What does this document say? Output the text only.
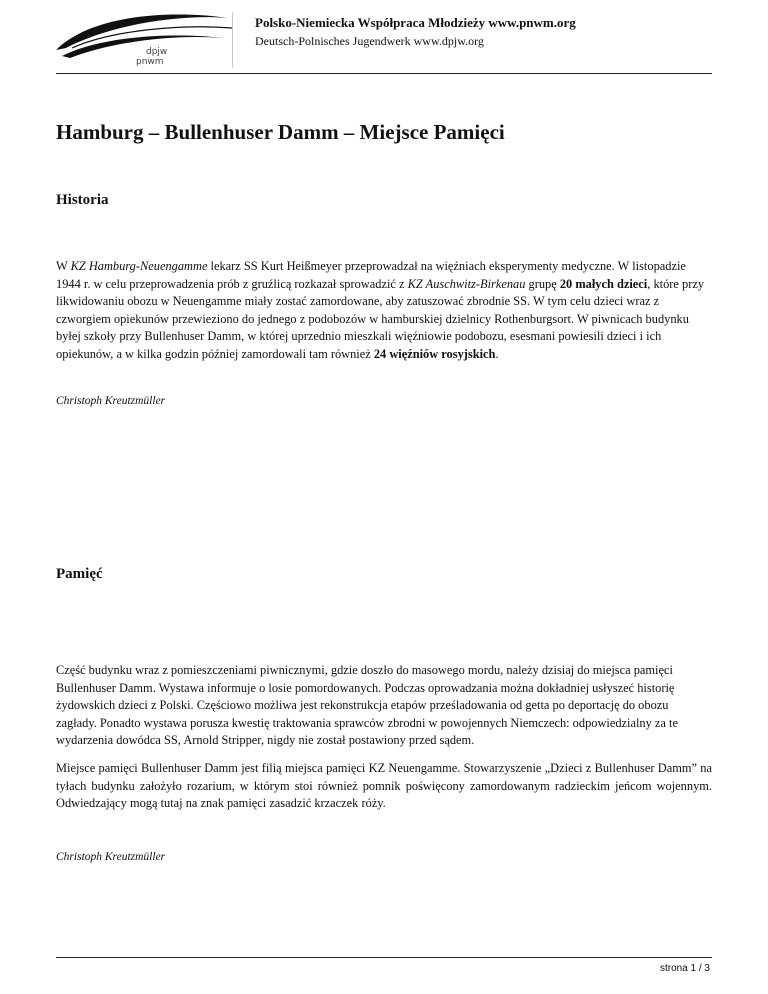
dpjw
pnwm
Polsko-Niemiecka Współpraca Młodzieży www.pnwm.org
Deutsch-Polnisches Jugendwerk www.dpjw.org
Hamburg – Bullenhuser Damm – Miejsce Pamięci
Historia

W KZ Hamburg-Neuengamme lekarz SS Kurt Heißmeyer przeprowadzał na więźniach eksperymenty medyczne. W listopadzie 1944 r. w celu przeprowadzenia prób z gruźlicą rozkazał sprowadzić z KZ Auschwitz-Birkenau grupę 20 małych dzieci, które przy likwidowaniu obozu w Neuengamme miały zostać zamordowane, aby zatuszować zbrodnie SS. W tym celu dzieci wraz z czworgiem opiekunów przewieziono do jednego z podobozów w hamburskiej dzielnicy Rothenburgsort. W piwnicach budynku byłej szkoły przy Bullenhuser Damm, w której uprzednio mieszkali więźniowie podobozu, esesmani powiesili dzieci i ich opiekunów, a w kilka godzin później zamordowali tam również 24 więźniów rosyjskich.

Christoph Kreutzmüller

Pamięć

Część budynku wraz z pomieszczeniami piwnicznymi, gdzie doszło do masowego mordu, należy dzisiaj do miejsca pamięci Bullenhuser Damm. Wystawa informuje o losie pomordowanych. Podczas oprowadzania można dokładniej usłyszeć historię żydowskich dzieci z Polski. Częściowo możliwa jest rekonstrukcja etapów prześladowania od getta po deportację do obozu zagłady. Ponadto wystawa porusza kwestię traktowania sprawców zbrodni w powojennych Niemczech: odpowiedzialny za te wydarzenia dowódca SS, Arnold Stripper, nigdy nie został postawiony przed sądem.

Miejsce pamięci Bullenhuser Damm jest filią miejsca pamięci KZ Neuengamme. Stowarzyszenie „Dzieci z Bullenhuser Damm” na tyłach budynku założyło rozarium, w którym stoi również pomnik poświęcony zamordowanym radzieckim jeńcom wojennym. Odwiedzający mogą tutaj na znak pamięci zasadzić krzaczek róży.

Christoph Kreutzmüller

strona 1 / 3
